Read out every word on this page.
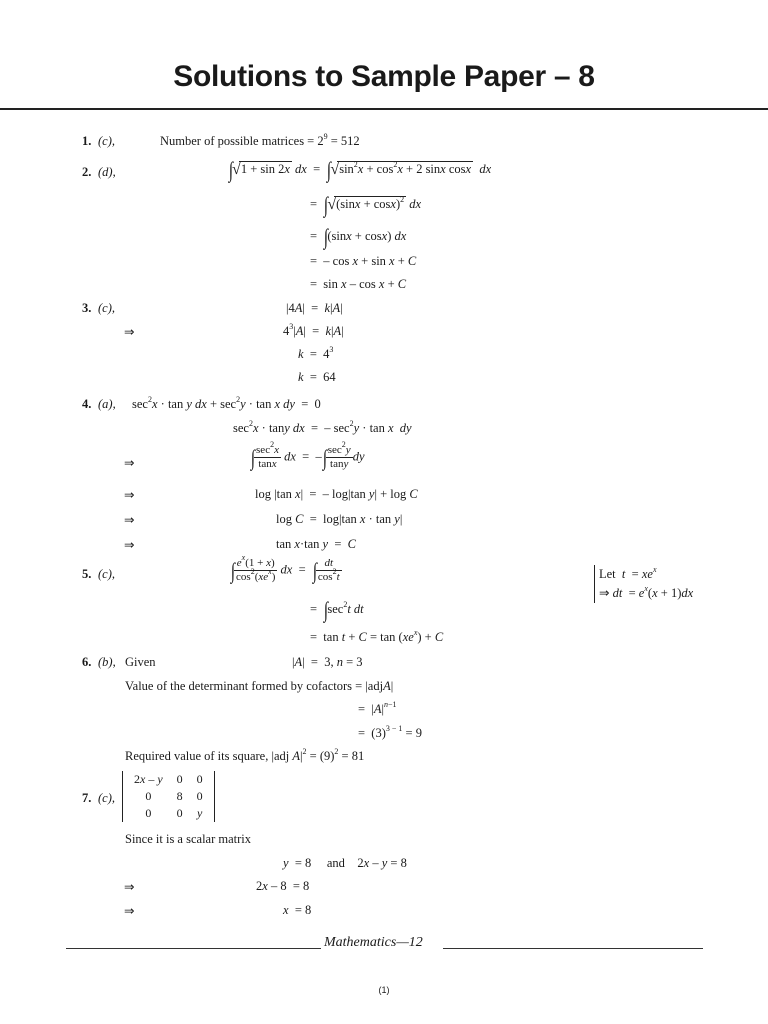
Solutions to Sample Paper – 8
1. (c),	Number of possible matrices = $2^9 = 512$
2. (d),	∫√1 + sin 2x dx  =  $\int√\sin^2x + \cos^2x + 2$ sinx cosx dx
=  $\int√(\sin x + \cos x)^2$ dx
=  ∫(sinx + cosx) dx
=  – cos x + sin x + C
=  sin x – cos x + C
3. (c),	|4A|  =  k|A|
⇒	$4^3|A| = k|A|$
$k = 4^3$
k  =  64
4. (a), $\sec^2x \cdot \tan y$ dx + $\sec^2y \cdot \tan x$ dy  =  0
$\sec^2x \cdot \tan y$ dx  =  – $\sec^2y \cdot \tan x$ dy
⇒	∫
$\frac{\sec^2x}{\tan x}$ dx  =  –∫
$\frac{\sec^2y}{\tan y}$ dy
⇒	log |tan x|  =  – log|tan y| + log C
⇒	log C  =  log|tan x · tan y|
⇒	tan x·tan y  =  C
5. (c),	∫
$\frac{e^x(1 + x)}{\cos^2(xe^x)}$ dx  =  ∫
$\frac{dt}{\cos^2t}$	Let  $t = xe^x$
⇒ dt  = $e^x(x + 1)dx$
=  $\int\sec^2t$ dt
=  $\tan t + C = \tan (xe^x) + C$
6. (b), Given	|A|  =  3, n = 3
Value of the determinant formed by cofactors = |adjA|
=  $|A|^{n-1}$
=  $(3)^{3 - 1} = 9$
Required value of its square, |adj $A|^2 = (9)^2 = 81$
7. (c),
2x – y	0	0
0	8	0
0	0	y
Since it is a scalar matrix
y  = 8     and    2x – y = 8
⇒	2x – 8  = 8
⇒	x  = 8
Mathematics—12
(1)
